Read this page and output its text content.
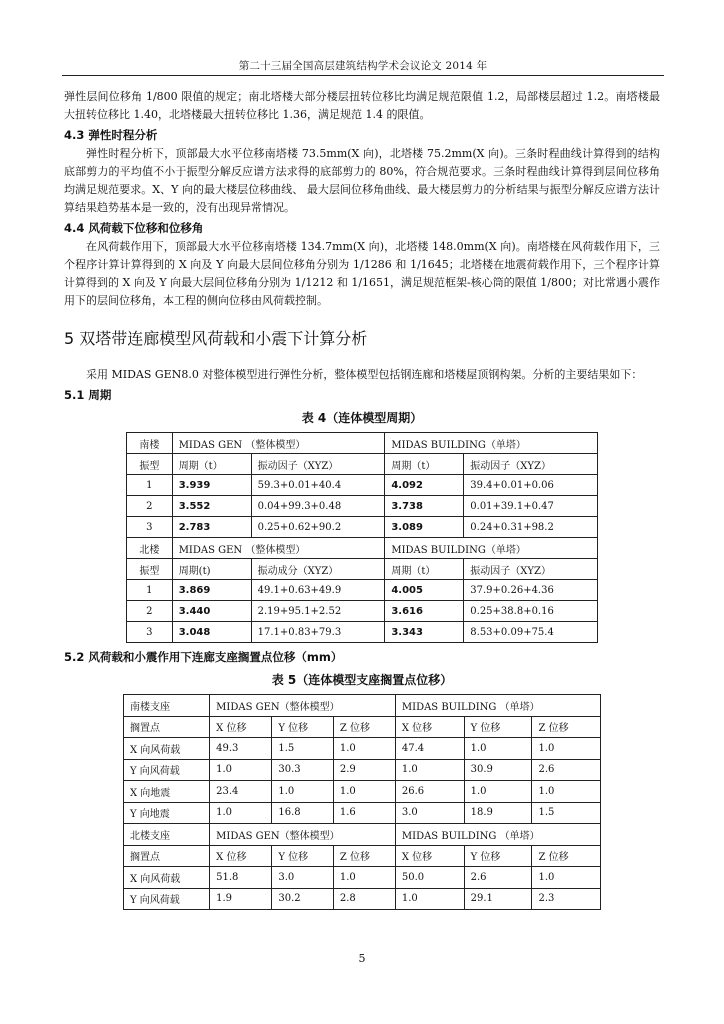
第二十三届全国高层建筑结构学术会议论文 2014 年

弹性层间位移角 1/800 限值的规定；南北塔楼大部分楼层扭转位移比均满足规范限值 1.2，局部楼层超过 1.2。南塔楼最大扭转位移比 1.40，北塔楼最大扭转位移比 1.36，满足规范 1.4 的限值。

4.3 弹性时程分析

弹性时程分析下，顶部最大水平位移南塔楼 73.5mm(X 向)，北塔楼 75.2mm(X 向)。三条时程曲线计算得到的结构底部剪力的平均值不小于振型分解反应谱方法求得的底部剪力的 80%，符合规范要求。三条时程曲线计算得到层间位移角均满足规范要求。X、Y 向的最大楼层位移曲线、 最大层间位移角曲线、最大楼层剪力的分析结果与振型分解反应谱方法计算结果趋势基本是一致的，没有出现异常情况。

4.4 风荷载下位移和位移角

在风荷载作用下，顶部最大水平位移南塔楼 134.7mm(X 向)，北塔楼 148.0mm(X 向)。南塔楼在风荷载作用下，三个程序计算计算得到的 X 向及 Y 向最大层间位移角分别为 1/1286 和 1/1645；北塔楼在地震荷载作用下，三个程序计算计算得到的 X 向及 Y 向最大层间位移角分别为 1/1212 和 1/1651，满足规范框架-核心筒的限值 1/800；对比常遇小震作用下的层间位移角，本工程的侧向位移由风荷载控制。

5 双塔带连廊模型风荷载和小震下计算分析

采用 MIDAS GEN8.0 对整体模型进行弹性分析，整体模型包括钢连廊和塔楼屋顶钢构架。分析的主要结果如下：

5.1 周期
表 4（连体模型周期）
南楼	MIDAS GEN （整体模型）		MIDAS BUILDING（单塔）	
振型	周期（t）	振动因子（XYZ）	周期（t）	振动因子（XYZ）
1	3.939	59.3+0.01+40.4	4.092	39.4+0.01+0.06
2	3.552	0.04+99.3+0.48	3.738	0.01+39.1+0.47
3	2.783	0.25+0.62+90.2	3.089	0.24+0.31+98.2
北楼	MIDAS GEN （整体模型）		MIDAS BUILDING（单塔）	
振型	周期(t)	振动成分（XYZ）	周期（t）	振动因子（XYZ）
1	3.869	49.1+0.63+49.9	4.005	37.9+0.26+4.36
2	3.440	2.19+95.1+2.52	3.616	0.25+38.8+0.16
3	3.048	17.1+0.83+79.3	3.343	8.53+0.09+75.4
5.2 风荷载和小震作用下连廊支座搁置点位移（mm）
表 5（连体模型支座搁置点位移）
南楼支座	MIDAS GEN（整体模型）			MIDAS BUILDING （单塔）		
搁置点	X 位移	Y 位移	Z 位移	X 位移	Y 位移	Z 位移
X 向风荷载	49.3	1.5	1.0	47.4	1.0	1.0
Y 向风荷载	1.0	30.3	2.9	1.0	30.9	2.6
X 向地震	23.4	1.0	1.0	26.6	1.0	1.0
Y 向地震	1.0	16.8	1.6	3.0	18.9	1.5
北楼支座	MIDAS GEN（整体模型）			MIDAS BUILDING （单塔）		
搁置点	X 位移	Y 位移	Z 位移	X 位移	Y 位移	Z 位移
X 向风荷载	51.8	3.0	1.0	50.0	2.6	1.0
Y 向风荷载	1.9	30.2	2.8	1.0	29.1	2.3
5
